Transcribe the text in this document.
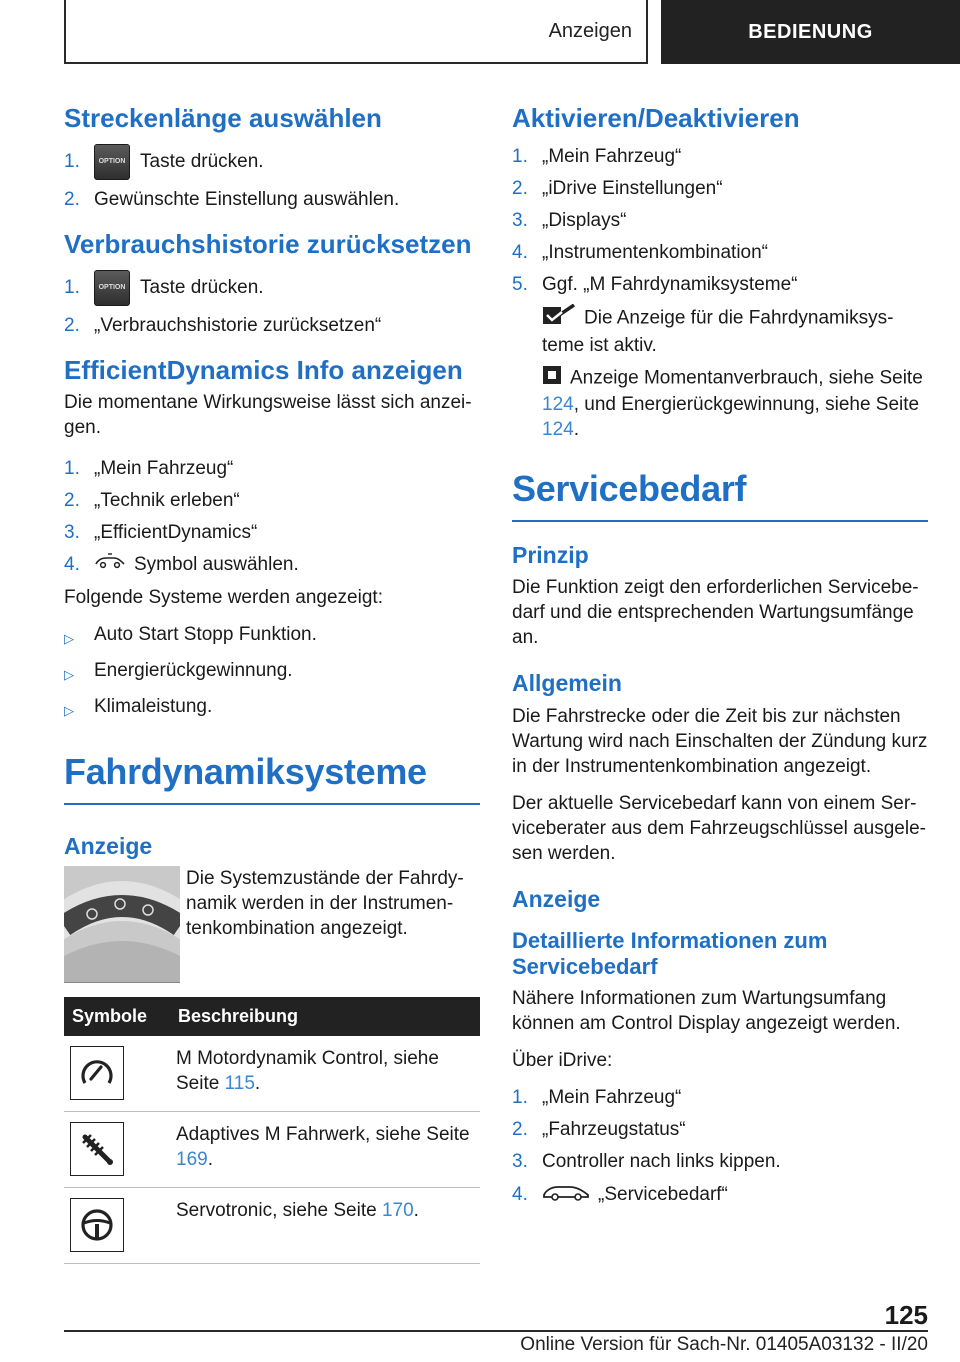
Anzeigen	BEDIENUNG
Streckenlänge auswählen
1.	OPTION Taste drücken.
2. Gewünschte Einstellung auswählen.
Verbrauchshistorie zurücksetzen
1.	OPTION Taste drücken.
2. „Verbrauchshistorie zurücksetzen“
EfficientDynamics Info anzeigen

Die momentane Wirkungsweise lässt sich anzeigen.

1. „Mein Fahrzeug“
2. „Technik erleben“
3. „EfficientDynamics“
4.	Symbol auswählen.

Folgende Systeme werden angezeigt:

▷	Auto Start Stopp Funktion.
▷	Energierückgewinnung.
▷	Klimaleistung.
Fahrdynamiksysteme
Anzeige

Die Systemzustände der Fahrdynamik werden in der Instrumentenkombination angezeigt.

Symbole	Beschreibung

	M Motordynamik Control, siehe Seite 115.

	Adaptives M Fahrwerk, siehe Seite 169.

	Servotronic, siehe Seite 170.
Aktivieren/Deaktivieren
1. „Mein Fahrzeug“
2. „iDrive Einstellungen“
3. „Displays“
4. „Instrumentenkombination“
5. Ggf. „M Fahrdynamiksysteme“
Die Anzeige für die Fahrdynamiksysteme ist aktiv.
Anzeige Momentanverbrauch, siehe Seite 124, und Energierückgewinnung, siehe Seite 124.
Servicebedarf
Prinzip

Die Funktion zeigt den erforderlichen Servicebedarf und die entsprechenden Wartungsumfänge an.

Allgemein

Die Fahrstrecke oder die Zeit bis zur nächsten Wartung wird nach Einschalten der Zündung kurz in der Instrumentenkombination angezeigt.

Der aktuelle Servicebedarf kann von einem Serviceberater aus dem Fahrzeugschlüssel ausgelesen werden.

Anzeige
Detaillierte Informationen zum Servicebedarf

Nähere Informationen zum Wartungsumfang können am Control Display angezeigt werden.

Über iDrive:

1. „Mein Fahrzeug“
2. „Fahrzeugstatus“
3. Controller nach links kippen.
4.	„Servicebedarf“
125
Online Version für Sach-Nr. 01405A03132 - II/20
